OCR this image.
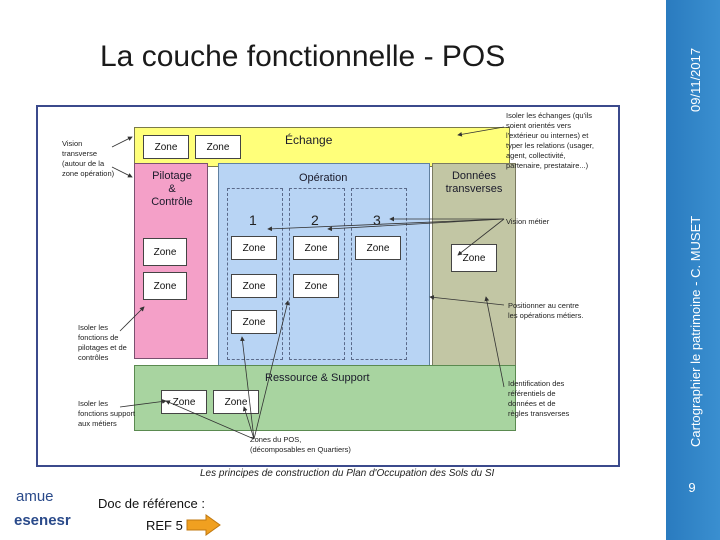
La couche fonctionnelle - POS	09/11/2017
Cartographier le patrimoine - C. MUSET
9
Échange
Zone	Zone
Pilotage
&
Contrôle
Zone
Zone
Opération
1	2	3
Zone	Zone	Zone
Zone	Zone
Zone
Données
transverses
Zone
Ressource & Support
Zone	Zone
Vision
transverse
(autour de la
zone opération)
Isoler les échanges (qu'ils
soient orientés vers
l'extérieur ou internes) et
typer les relations (usager,
agent, collectivité,
partenaire, prestataire...)
Vision métier
Positionner au centre
les opérations métiers.
Isoler les
fonctions de
pilotages et de
contrôles
Identification des
référentiels de
données et de
règles transverses
Isoler les
fonctions support
aux métiers
Zones du POS,
(décomposables en Quartiers)
Les principes de construction du Plan d'Occupation des Sols du SI
amue
esenesr
Doc de référence :
REF 5
